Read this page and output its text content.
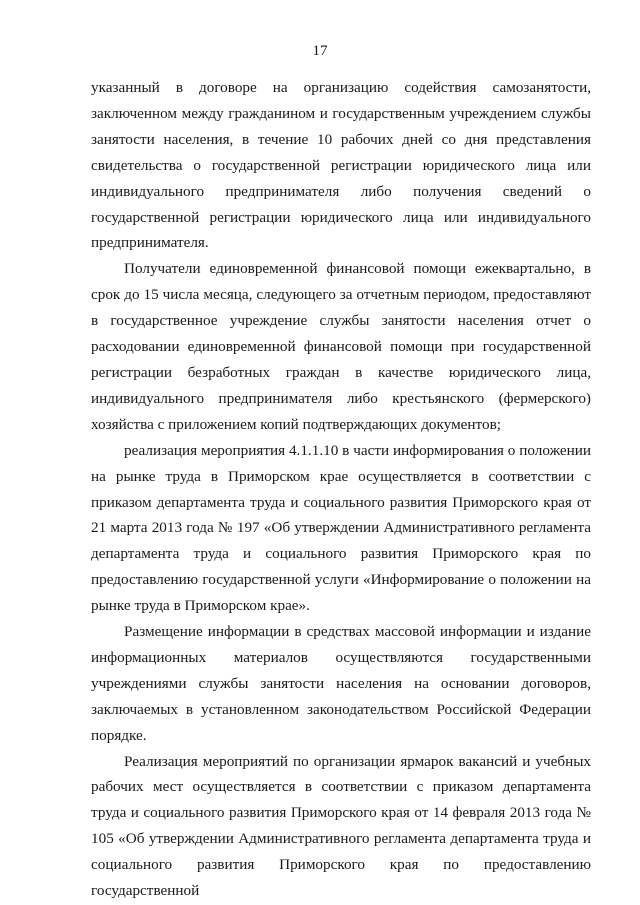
17

указанный в договоре на организацию содействия самозанятости, заключенном между гражданином и государственным учреждением службы занятости населения, в течение 10 рабочих дней со дня представления свидетельства о государственной регистрации юридического лица или индивидуального предпринимателя либо получения сведений о государственной регистрации юридического лица или индивидуального предпринимателя.

Получатели единовременной финансовой помощи ежеквартально, в срок до 15 числа месяца, следующего за отчетным периодом, предоставляют в государственное учреждение службы занятости населения отчет о расходовании единовременной финансовой помощи при государственной регистрации безработных граждан в качестве юридического лица, индивидуального предпринимателя либо крестьянского (фермерского) хозяйства с приложением копий подтверждающих документов;

реализация мероприятия 4.1.1.10 в части информирования о положении на рынке труда в Приморском крае осуществляется в соответствии с приказом департамента труда и социального развития Приморского края от 21 марта 2013 года № 197 «Об утверждении Административного регламента департамента труда и социального развития Приморского края по предоставлению государственной услуги «Информирование о положении на рынке труда в Приморском крае».

Размещение информации в средствах массовой информации и издание информационных материалов осуществляются государственными учреждениями службы занятости населения на основании договоров, заключаемых в установленном законодательством Российской Федерации порядке.

Реализация мероприятий по организации ярмарок вакансий и учебных рабочих мест осуществляется в соответствии с приказом департамента труда и социального развития Приморского края от 14 февраля 2013 года № 105 «Об утверждении Административного регламента департамента труда и социального развития Приморского края по предоставлению государственной
